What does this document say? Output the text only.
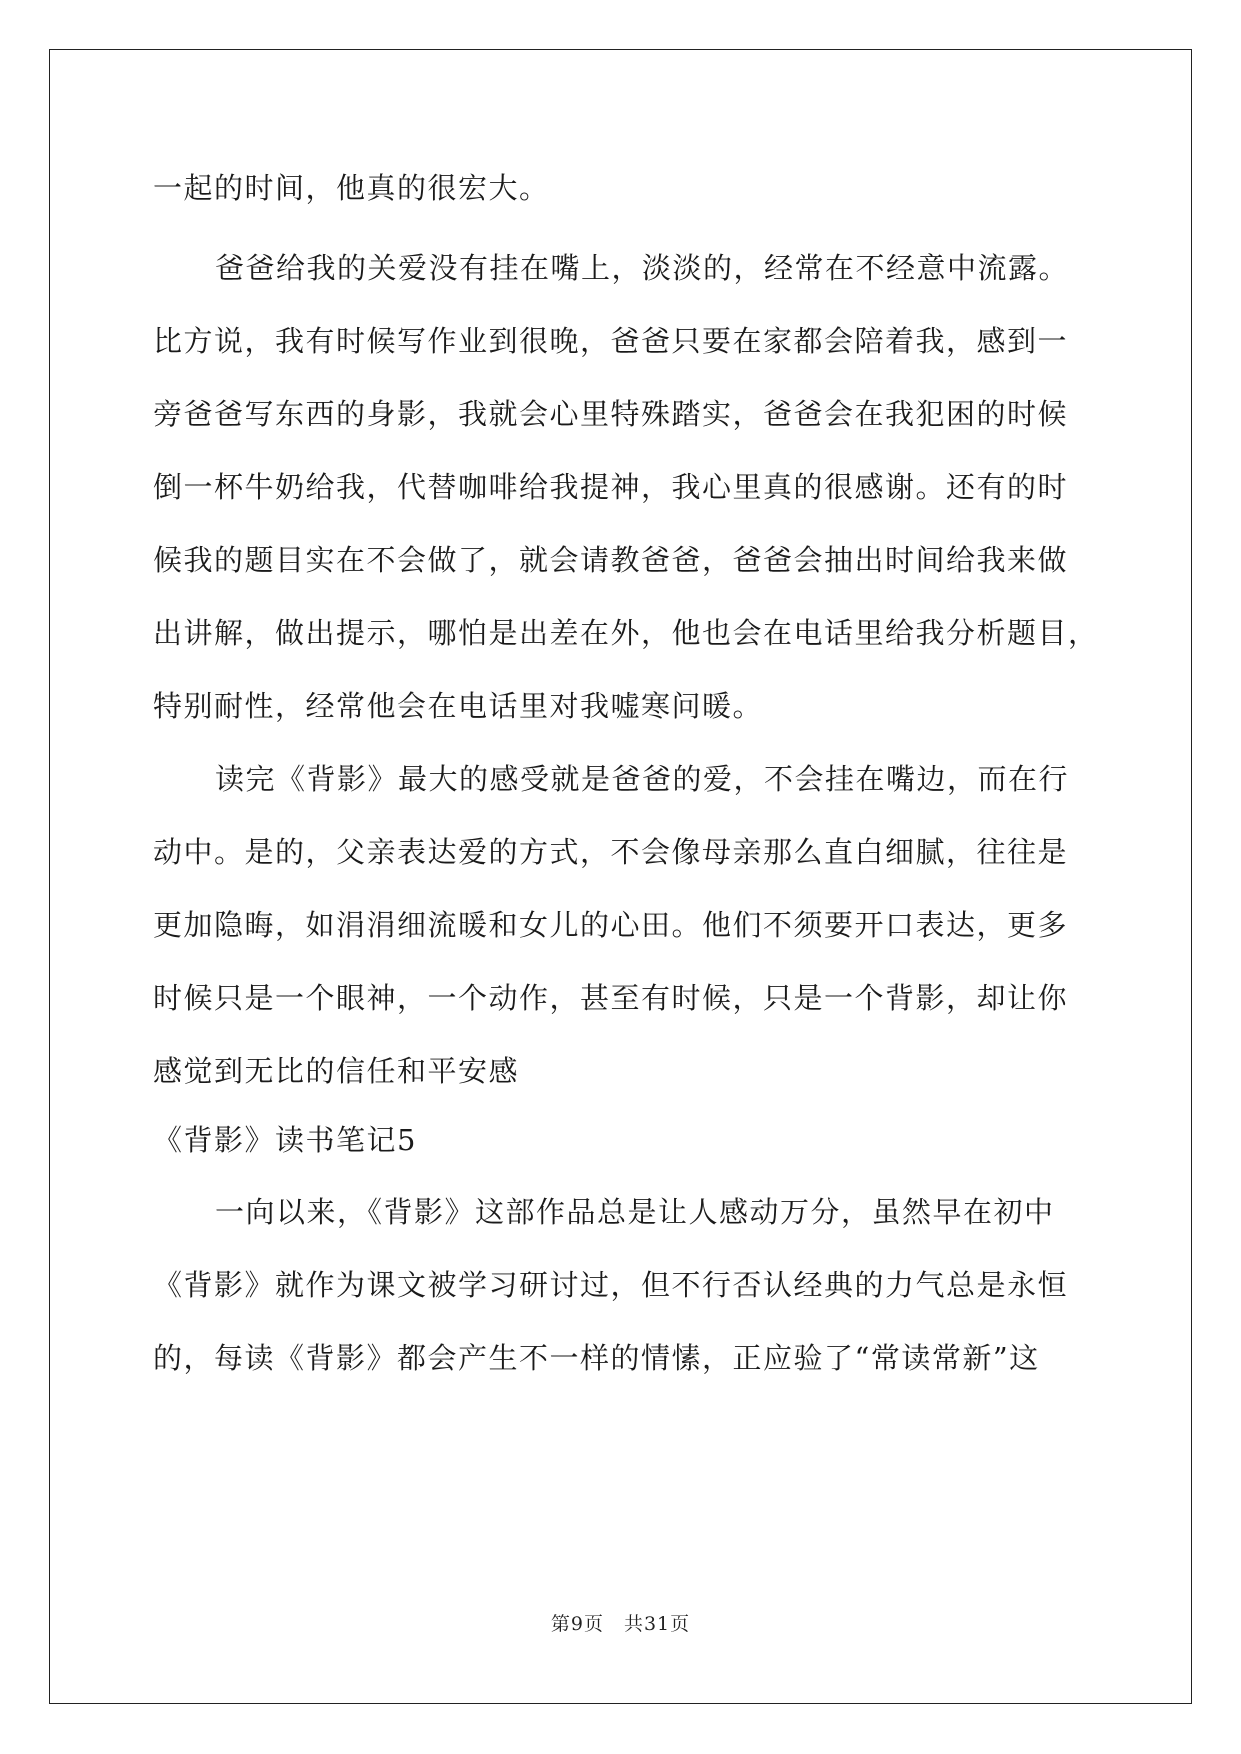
一起的时间，他真的很宏大。
爸爸给我的关爱没有挂在嘴上，淡淡的，经常在不经意中流露。
比方说，我有时候写作业到很晚，爸爸只要在家都会陪着我，感到一
旁爸爸写东西的身影，我就会心里特殊踏实，爸爸会在我犯困的时候
倒一杯牛奶给我，代替咖啡给我提神，我心里真的很感谢。还有的时
候我的题目实在不会做了，就会请教爸爸，爸爸会抽出时间给我来做
出讲解，做出提示，哪怕是出差在外，他也会在电话里给我分析题目，
特别耐性，经常他会在电话里对我嘘寒问暖。
读完《背影》最大的感受就是爸爸的爱，不会挂在嘴边，而在行
动中。是的，父亲表达爱的方式，不会像母亲那么直白细腻，往往是
更加隐晦，如涓涓细流暖和女儿的心田。他们不须要开口表达，更多
时候只是一个眼神，一个动作，甚至有时候，只是一个背影，却让你
感觉到无比的信任和平安感
《背影》读书笔记5
一向以来，《背影》这部作品总是让人感动万分，虽然早在初中
《背影》就作为课文被学习研讨过，但不行否认经典的力气总是永恒
的，每读《背影》都会产生不一样的情愫，正应验了“常读常新”这
第9页　共31页
